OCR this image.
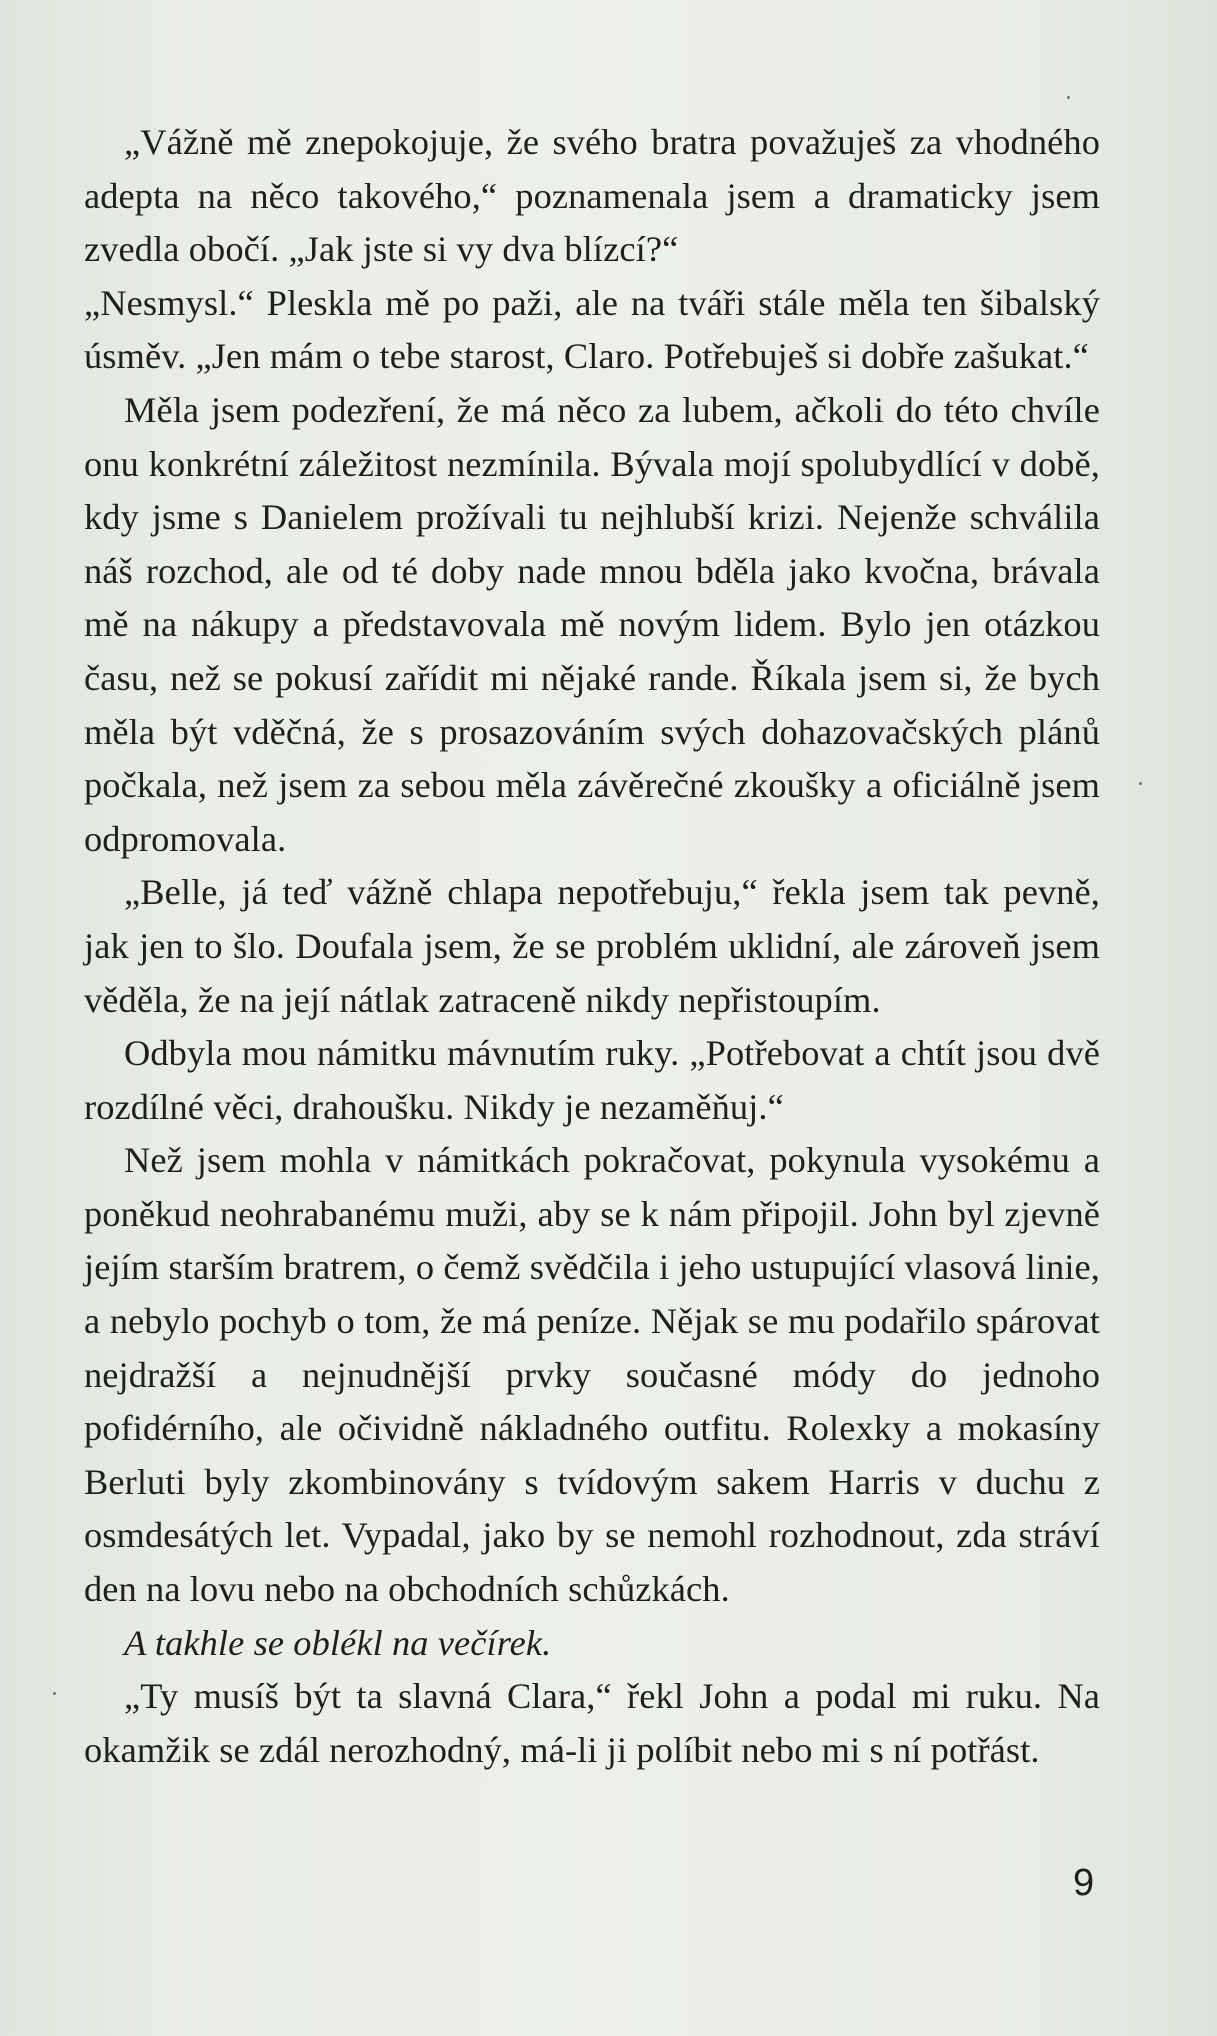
„Vážně mě znepokojuje, že svého bratra považuješ za vhodného adepta na něco takového,“ poznamenala jsem a dramaticky jsem zvedla obočí. „Jak jste si vy dva blízcí?“

„Nesmysl.“ Pleskla mě po paži, ale na tváři stále měla ten šibalský úsměv. „Jen mám o tebe starost, Claro. Potřebuješ si dobře zašukat.“

Měla jsem podezření, že má něco za lubem, ačkoli do této chvíle onu konkrétní záležitost nezmínila. Bývala mojí spolubydlící v době, kdy jsme s Danielem prožívali tu nejhlubší krizi. Nejenže schválila náš rozchod, ale od té doby nade mnou bděla jako kvočna, brávala mě na nákupy a představovala mě novým lidem. Bylo jen otázkou času, než se pokusí zařídit mi nějaké rande. Říkala jsem si, že bych měla být vděčná, že s prosazováním svých dohazovačských plánů počkala, než jsem za sebou měla závěrečné zkoušky a oficiálně jsem odpromovala.

„Belle, já teď vážně chlapa nepotřebuju,“ řekla jsem tak pevně, jak jen to šlo. Doufala jsem, že se problém uklidní, ale zároveň jsem věděla, že na její nátlak zatraceně nikdy nepřistoupím.

Odbyla mou námitku mávnutím ruky. „Potřebovat a chtít jsou dvě rozdílné věci, drahoušku. Nikdy je nezaměňuj.“

Než jsem mohla v námitkách pokračovat, pokynula vysokému a poněkud neohrabanému muži, aby se k nám připojil. John byl zjevně jejím starším bratrem, o čemž svědčila i jeho ustupující vlasová linie, a nebylo pochyb o tom, že má peníze. Nějak se mu podařilo spárovat nejdražší a nejnudnější prvky současné módy do jednoho pofidérního, ale očividně nákladného outfitu. Rolexky a mokasíny Berluti byly zkombinovány s tvídovým sakem Harris v duchu z osmdesátých let. Vypadal, jako by se nemohl rozhodnout, zda stráví den na lovu nebo na obchodních schůzkách.

A takhle se oblékl na večírek.

„Ty musíš být ta slavná Clara,“ řekl John a podal mi ruku. Na okamžik se zdál nerozhodný, má-li ji políbit nebo mi s ní potřást.

9
